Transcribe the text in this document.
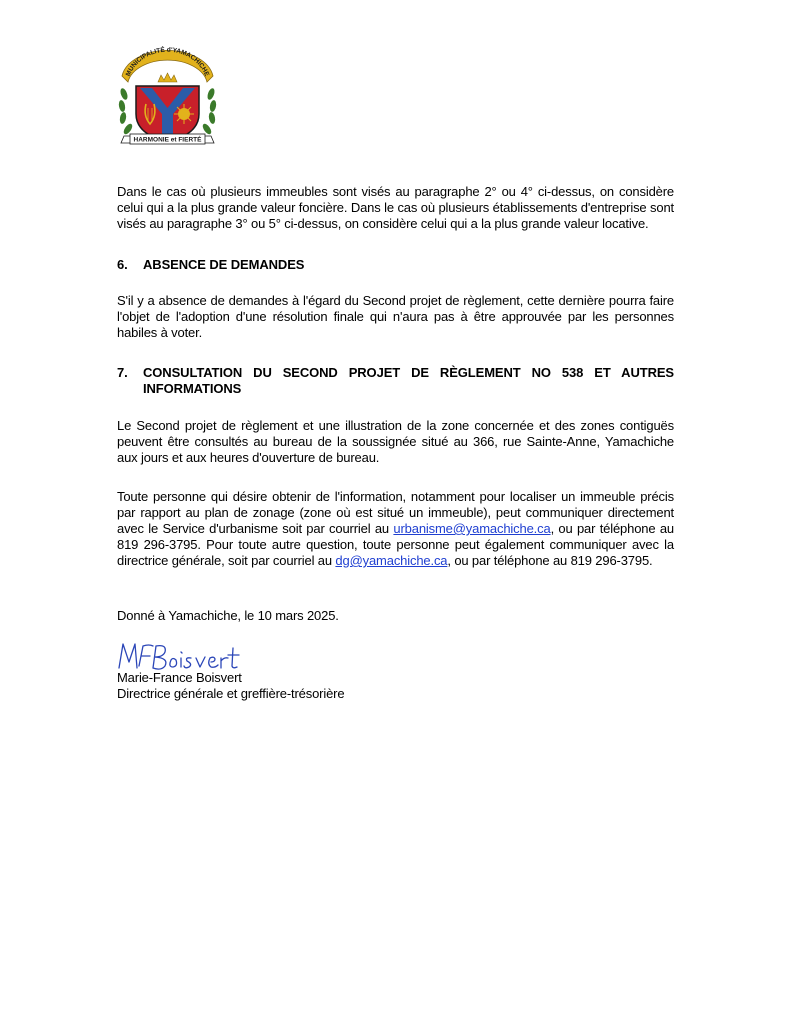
MUNICIPALITÉ d'YAMACHICHE
HARMONIE et FIERTÉ

Dans le cas où plusieurs immeubles sont visés au paragraphe 2° ou 4° ci-dessus, on considère celui qui a la plus grande valeur foncière. Dans le cas où plusieurs établissements d'entreprise sont visés au paragraphe 3° ou 5° ci-dessus, on considère celui qui a la plus grande valeur locative.

6. ABSENCE DE DEMANDES

S'il y a absence de demandes à l'égard du Second projet de règlement, cette dernière pourra faire l'objet de l'adoption d'une résolution finale qui n'aura pas à être approuvée par les personnes habiles à voter.

7. CONSULTATION DU SECOND PROJET DE RÈGLEMENT NO 538 ET AUTRES INFORMATIONS

Le Second projet de règlement et une illustration de la zone concernée et des zones contiguës peuvent être consultés au bureau de la soussignée situé au 366, rue Sainte-Anne, Yamachiche aux jours et aux heures d'ouverture de bureau.

Toute personne qui désire obtenir de l'information, notamment pour localiser un immeuble précis par rapport au plan de zonage (zone où est situé un immeuble), peut communiquer directement avec le Service d'urbanisme soit par courriel au urbanisme@yamachiche.ca, ou par téléphone au 819 296-3795. Pour toute autre question, toute personne peut également communiquer avec la directrice générale, soit par courriel au dg@yamachiche.ca, ou par téléphone au 819 296-3795.

Donné à Yamachiche, le 10 mars 2025.
Marie-France Boisvert
Directrice générale et greffière-trésorière
